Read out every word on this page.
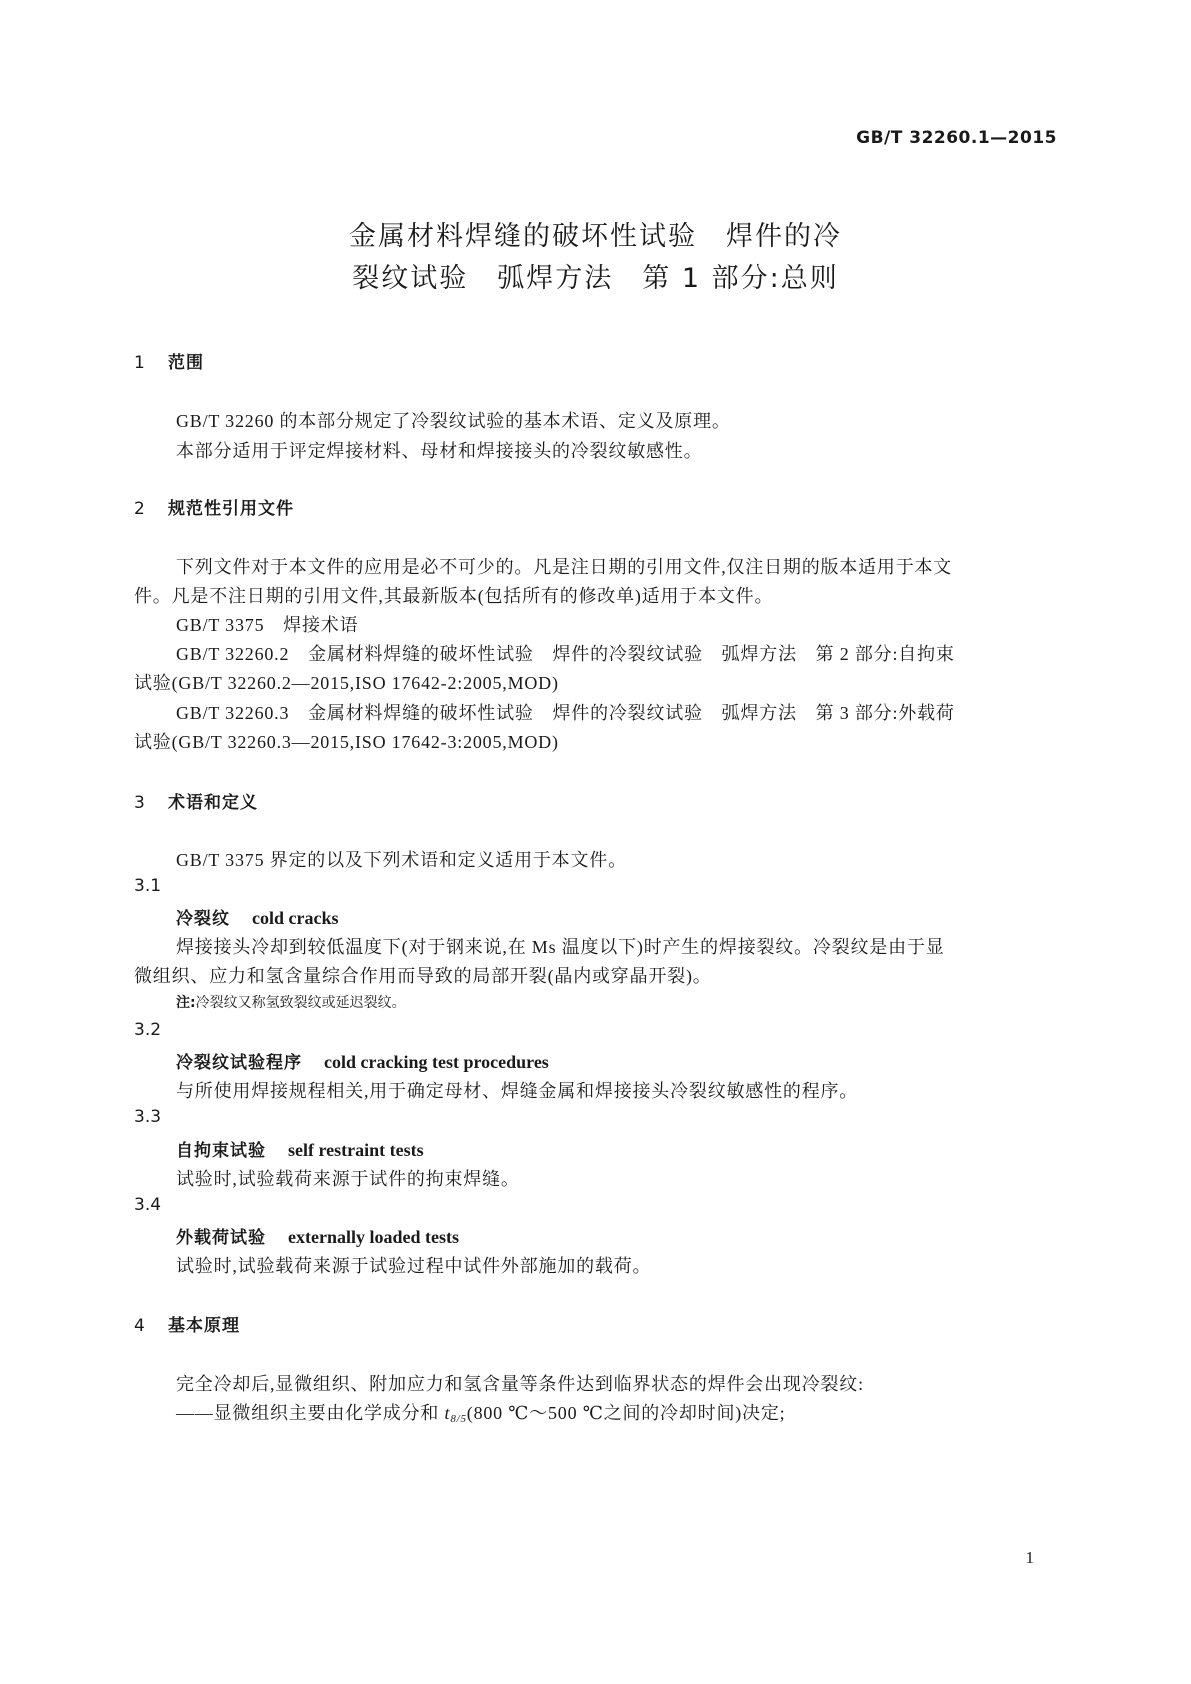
GB/T 32260.1—2015
金属材料焊缝的破坏性试验　焊件的冷
裂纹试验　弧焊方法　第 1 部分:总则
1 范围
GB/T 32260 的本部分规定了冷裂纹试验的基本术语、定义及原理。
本部分适用于评定焊接材料、母材和焊接接头的冷裂纹敏感性。
2 规范性引用文件
下列文件对于本文件的应用是必不可少的。凡是注日期的引用文件,仅注日期的版本适用于本文
件。凡是不注日期的引用文件,其最新版本(包括所有的修改单)适用于本文件。
GB/T 3375　焊接术语
GB/T 32260.2　金属材料焊缝的破坏性试验　焊件的冷裂纹试验　弧焊方法　第 2 部分:自拘束
试验(GB/T 32260.2—2015,ISO 17642-2:2005,MOD)
GB/T 32260.3　金属材料焊缝的破坏性试验　焊件的冷裂纹试验　弧焊方法　第 3 部分:外载荷
试验(GB/T 32260.3—2015,ISO 17642-3:2005,MOD)
3 术语和定义
GB/T 3375 界定的以及下列术语和定义适用于本文件。
3.1
冷裂纹 cold cracks
焊接接头冷却到较低温度下(对于钢来说,在 Ms 温度以下)时产生的焊接裂纹。冷裂纹是由于显
微组织、应力和氢含量综合作用而导致的局部开裂(晶内或穿晶开裂)。
注:冷裂纹又称氢致裂纹或延迟裂纹。
3.2
冷裂纹试验程序 cold cracking test procedures
与所使用焊接规程相关,用于确定母材、焊缝金属和焊接接头冷裂纹敏感性的程序。
3.3
自拘束试验 self restraint tests
试验时,试验载荷来源于试件的拘束焊缝。
3.4
外载荷试验 externally loaded tests
试验时,试验载荷来源于试验过程中试件外部施加的载荷。
4 基本原理
完全冷却后,显微组织、附加应力和氢含量等条件达到临界状态的焊件会出现冷裂纹:
——显微组织主要由化学成分和 $t_{8/5}(800$ ℃～500 ℃之间的冷却时间)决定;
1
